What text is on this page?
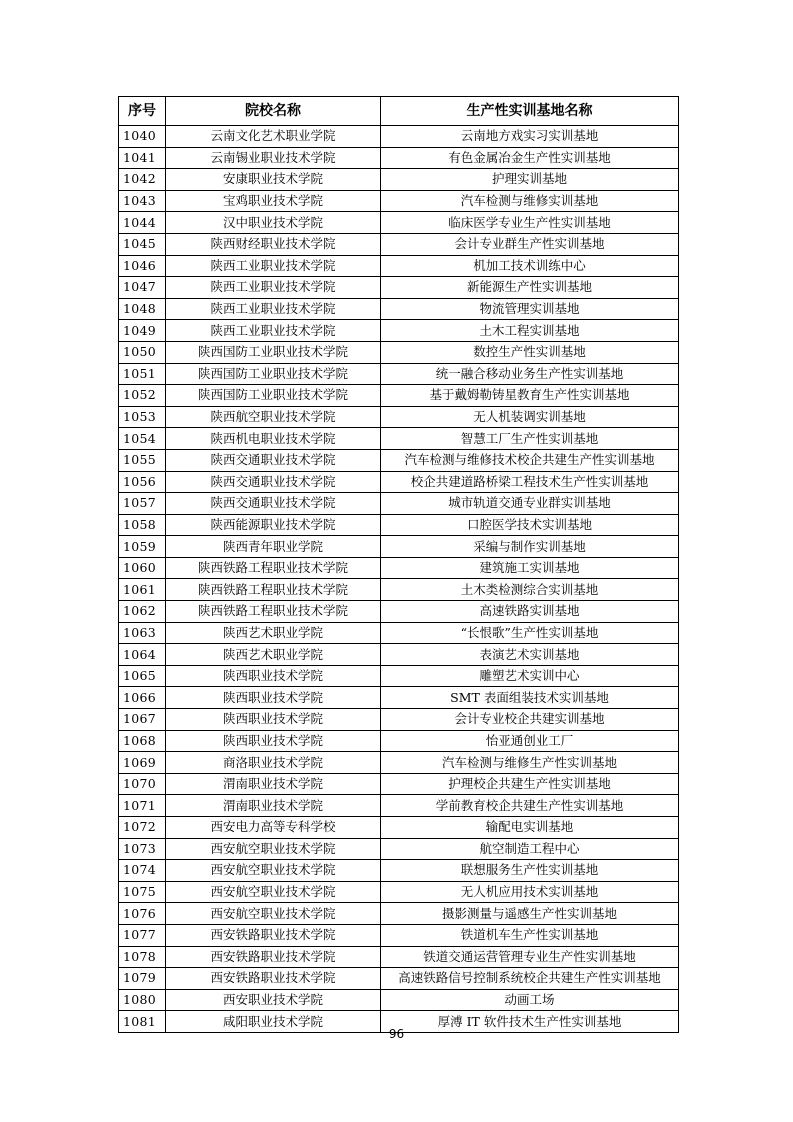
序号	院校名称	生产性实训基地名称
1040	云南文化艺术职业学院	云南地方戏实习实训基地
1041	云南锡业职业技术学院	有色金属冶金生产性实训基地
1042	安康职业技术学院	护理实训基地
1043	宝鸡职业技术学院	汽车检测与维修实训基地
1044	汉中职业技术学院	临床医学专业生产性实训基地
1045	陕西财经职业技术学院	会计专业群生产性实训基地
1046	陕西工业职业技术学院	机加工技术训练中心
1047	陕西工业职业技术学院	新能源生产性实训基地
1048	陕西工业职业技术学院	物流管理实训基地
1049	陕西工业职业技术学院	土木工程实训基地
1050	陕西国防工业职业技术学院	数控生产性实训基地
1051	陕西国防工业职业技术学院	统一融合移动业务生产性实训基地
1052	陕西国防工业职业技术学院	基于戴姆勒铸星教育生产性实训基地
1053	陕西航空职业技术学院	无人机装调实训基地
1054	陕西机电职业技术学院	智慧工厂生产性实训基地
1055	陕西交通职业技术学院	汽车检测与维修技术校企共建生产性实训基地
1056	陕西交通职业技术学院	校企共建道路桥梁工程技术生产性实训基地
1057	陕西交通职业技术学院	城市轨道交通专业群实训基地
1058	陕西能源职业技术学院	口腔医学技术实训基地
1059	陕西青年职业学院	采编与制作实训基地
1060	陕西铁路工程职业技术学院	建筑施工实训基地
1061	陕西铁路工程职业技术学院	土木类检测综合实训基地
1062	陕西铁路工程职业技术学院	高速铁路实训基地
1063	陕西艺术职业学院	“长恨歌”生产性实训基地
1064	陕西艺术职业学院	表演艺术实训基地
1065	陕西职业技术学院	雕塑艺术实训中心
1066	陕西职业技术学院	SMT 表面组装技术实训基地
1067	陕西职业技术学院	会计专业校企共建实训基地
1068	陕西职业技术学院	怡亚通创业工厂
1069	商洛职业技术学院	汽车检测与维修生产性实训基地
1070	渭南职业技术学院	护理校企共建生产性实训基地
1071	渭南职业技术学院	学前教育校企共建生产性实训基地
1072	西安电力高等专科学校	输配电实训基地
1073	西安航空职业技术学院	航空制造工程中心
1074	西安航空职业技术学院	联想服务生产性实训基地
1075	西安航空职业技术学院	无人机应用技术实训基地
1076	西安航空职业技术学院	摄影测量与遥感生产性实训基地
1077	西安铁路职业技术学院	铁道机车生产性实训基地
1078	西安铁路职业技术学院	铁道交通运营管理专业生产性实训基地
1079	西安铁路职业技术学院	高速铁路信号控制系统校企共建生产性实训基地
1080	西安职业技术学院	动画工场
1081	咸阳职业技术学院	厚溥 IT 软件技术生产性实训基地
96
